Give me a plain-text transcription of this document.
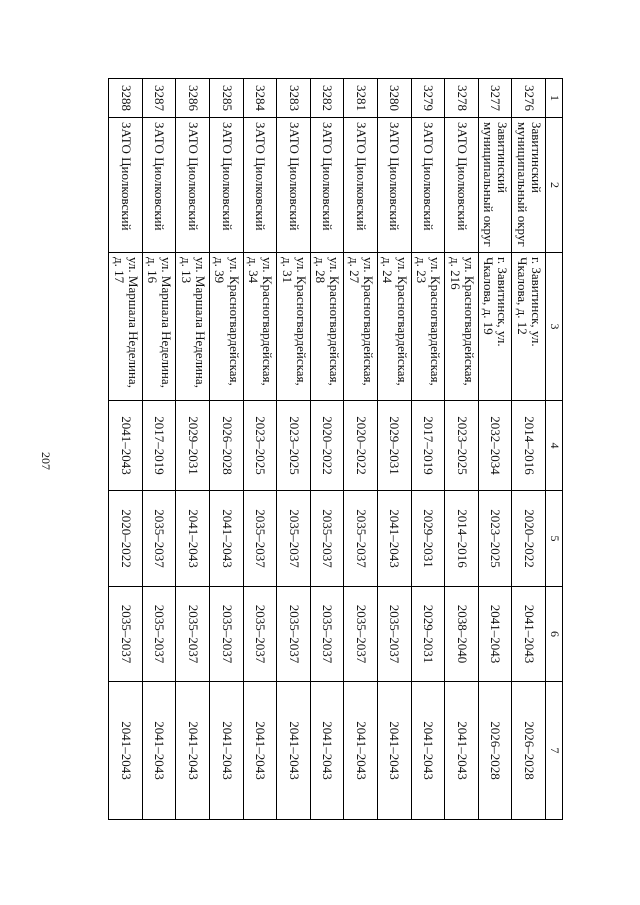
207
1	2	3	4	5	6	7
3276	Завитинский муниципальный округ	г. Завитинск, ул. Чкалова, д. 12	2014–2016	2020–2022	2041–2043	2026–2028
3277	Завитинский муниципальный округ	г. Завитинск, ул. Чкалова, д. 19	2032–2034	2023–2025	2041–2043	2026–2028
3278	ЗАТО Циолковский	ул. Красногвардейская, д. 216	2023–2025	2014–2016	2038–2040	2041–2043
3279	ЗАТО Циолковский	ул. Красногвардейская, д. 23	2017–2019	2029–2031	2029–2031	2041–2043
3280	ЗАТО Циолковский	ул. Красногвардейская, д. 24	2029–2031	2041–2043	2035–2037	2041–2043
3281	ЗАТО Циолковский	ул. Красногвардейская, д. 27	2020–2022	2035–2037	2035–2037	2041–2043
3282	ЗАТО Циолковский	ул. Красногвардейская, д. 28	2020–2022	2035–2037	2035–2037	2041–2043
3283	ЗАТО Циолковский	ул. Красногвардейская, д. 31	2023–2025	2035–2037	2035–2037	2041–2043
3284	ЗАТО Циолковский	ул. Красногвардейская, д. 34	2023–2025	2035–2037	2035–2037	2041–2043
3285	ЗАТО Циолковский	ул. Красногвардейская, д. 39	2026–2028	2041–2043	2035–2037	2041–2043
3286	ЗАТО Циолковский	ул. Маршала Неделина, д. 13	2029–2031	2041–2043	2035–2037	2041–2043
3287	ЗАТО Циолковский	ул. Маршала Неделина, д. 16	2017–2019	2035–2037	2035–2037	2041–2043
3288	ЗАТО Циолковский	ул. Маршала Неделина, д. 17	2041–2043	2020–2022	2035–2037	2041–2043
